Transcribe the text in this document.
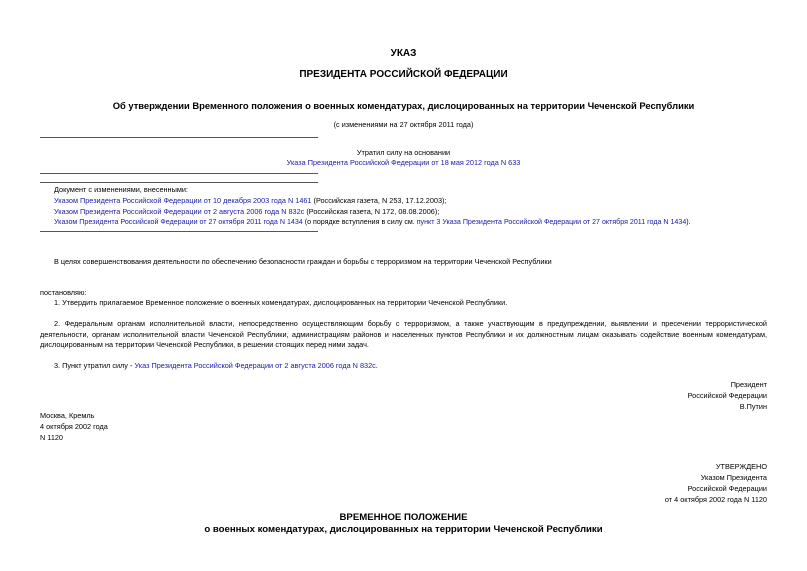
УКАЗ
ПРЕЗИДЕНТА РОССИЙСКОЙ ФЕДЕРАЦИИ
Об утверждении Временного положения о военных комендатурах, дислоцированных на территории Чеченской Республики
(с изменениями на 27 октября 2011 года)
Утратил силу на основании
Указа Президента Российской Федерации от 18 мая 2012 года N 633
Документ с изменениями, внесенными:
Указом Президента Российской Федерации от 10 декабря 2003 года N 1461 (Российская газета, N 253, 17.12.2003);
Указом Президента Российской Федерации от 2 августа 2006 года N 832с (Российская газета, N 172, 08.08.2006);
Указом Президента Российской Федерации от 27 октября 2011 года N 1434 (о порядке вступления в силу см. пункт 3 Указа Президента Российской Федерации от 27 октября 2011 года N 1434).
В целях совершенствования деятельности по обеспечению безопасности граждан и борьбы с терроризмом на территории Чеченской Республики
постановляю:
1. Утвердить прилагаемое Временное положение о военных комендатурах, дислоцированных на территории Чеченской Республики.
2. Федеральным органам исполнительной власти, непосредственно осуществляющим борьбу с терроризмом, а также участвующим в предупреждении, выявлении и пресечении террористической деятельности, органам исполнительной власти Чеченской Республики, администрациям районов и населенных пунктов Республики и их должностным лицам оказывать содействие военным комендатурам, дислоцированным на территории Чеченской Республики, в решении стоящих перед ними задач.
3. Пункт утратил силу - Указ Президента Российской Федерации от 2 августа 2006 года N 832с.
Президент
Российской Федерации
В.Путин
Москва, Кремль
4 октября 2002 года
N 1120
УТВЕРЖДЕНО
Указом Президента
Российской Федерации
от 4 октября 2002 года N 1120
ВРЕМЕННОЕ ПОЛОЖЕНИЕ
о военных комендатурах, дислоцированных на территории Чеченской Республики
